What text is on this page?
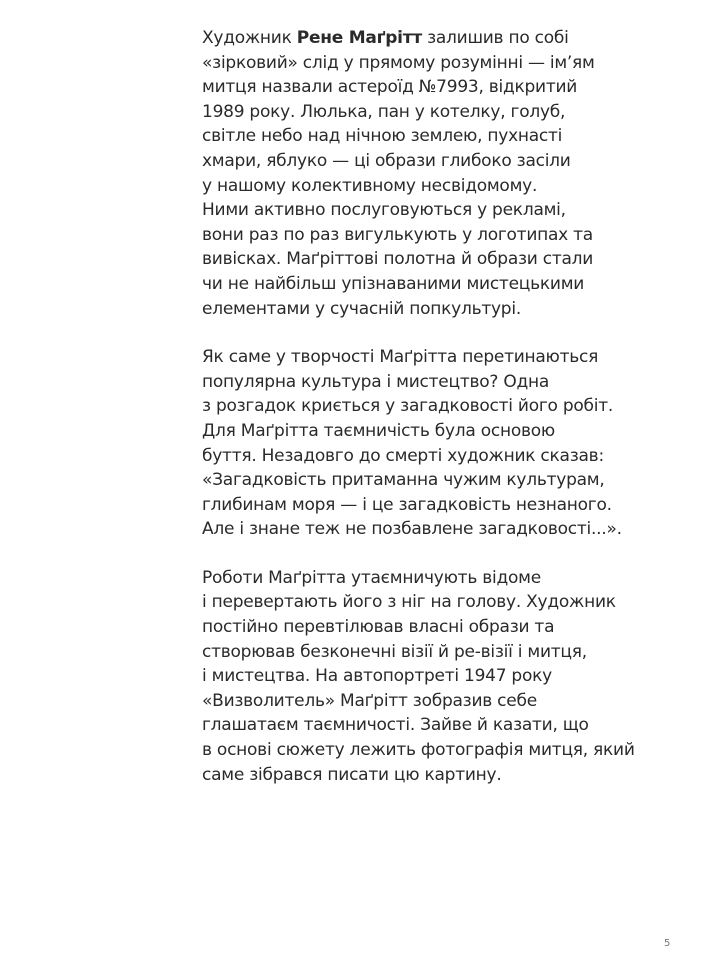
Художник Рене Маґрітт залишив по собі
«зірковий» слід у прямому розумінні — ім’ям
митця назвали астероїд №7993, відкритий
1989 року. Люлька, пан у котелку, голуб,
світле небо над нічною землею, пухнасті
хмари, яблуко — ці образи глибоко засіли
у нашому колективному несвідомому.
Ними активно послуговуються у рекламі,
вони раз по раз вигулькують у логотипах та
вивісках. Маґріттові полотна й образи стали
чи не найбільш упізнаваними мистецькими
елементами у сучасній попкультурі.
Як саме у творчості Маґрітта перетинаються
популярна культура і мистецтво? Одна
з розгадок криється у загадковості його робіт.
Для Маґрітта таємничість була основою
буття. Незадовго до смерті художник сказав:
«Загадковість притаманна чужим культурам,
глибинам моря — і це загадковість незнаного.
Але і знане теж не позбавлене загадковості...».
Роботи Маґрітта утаємничують відоме
і перевертають його з ніг на голову. Художник
постійно перевтілював власні образи та
створював безконечні візії й ре-візії і митця,
і мистецтва. На автопортреті 1947 року
«Визволитель» Маґрітт зобразив себе
глашатаєм таємничості. Зайве й казати, що
в основі сюжету лежить фотографія митця, який
саме зібрався писати цю картину.
5
